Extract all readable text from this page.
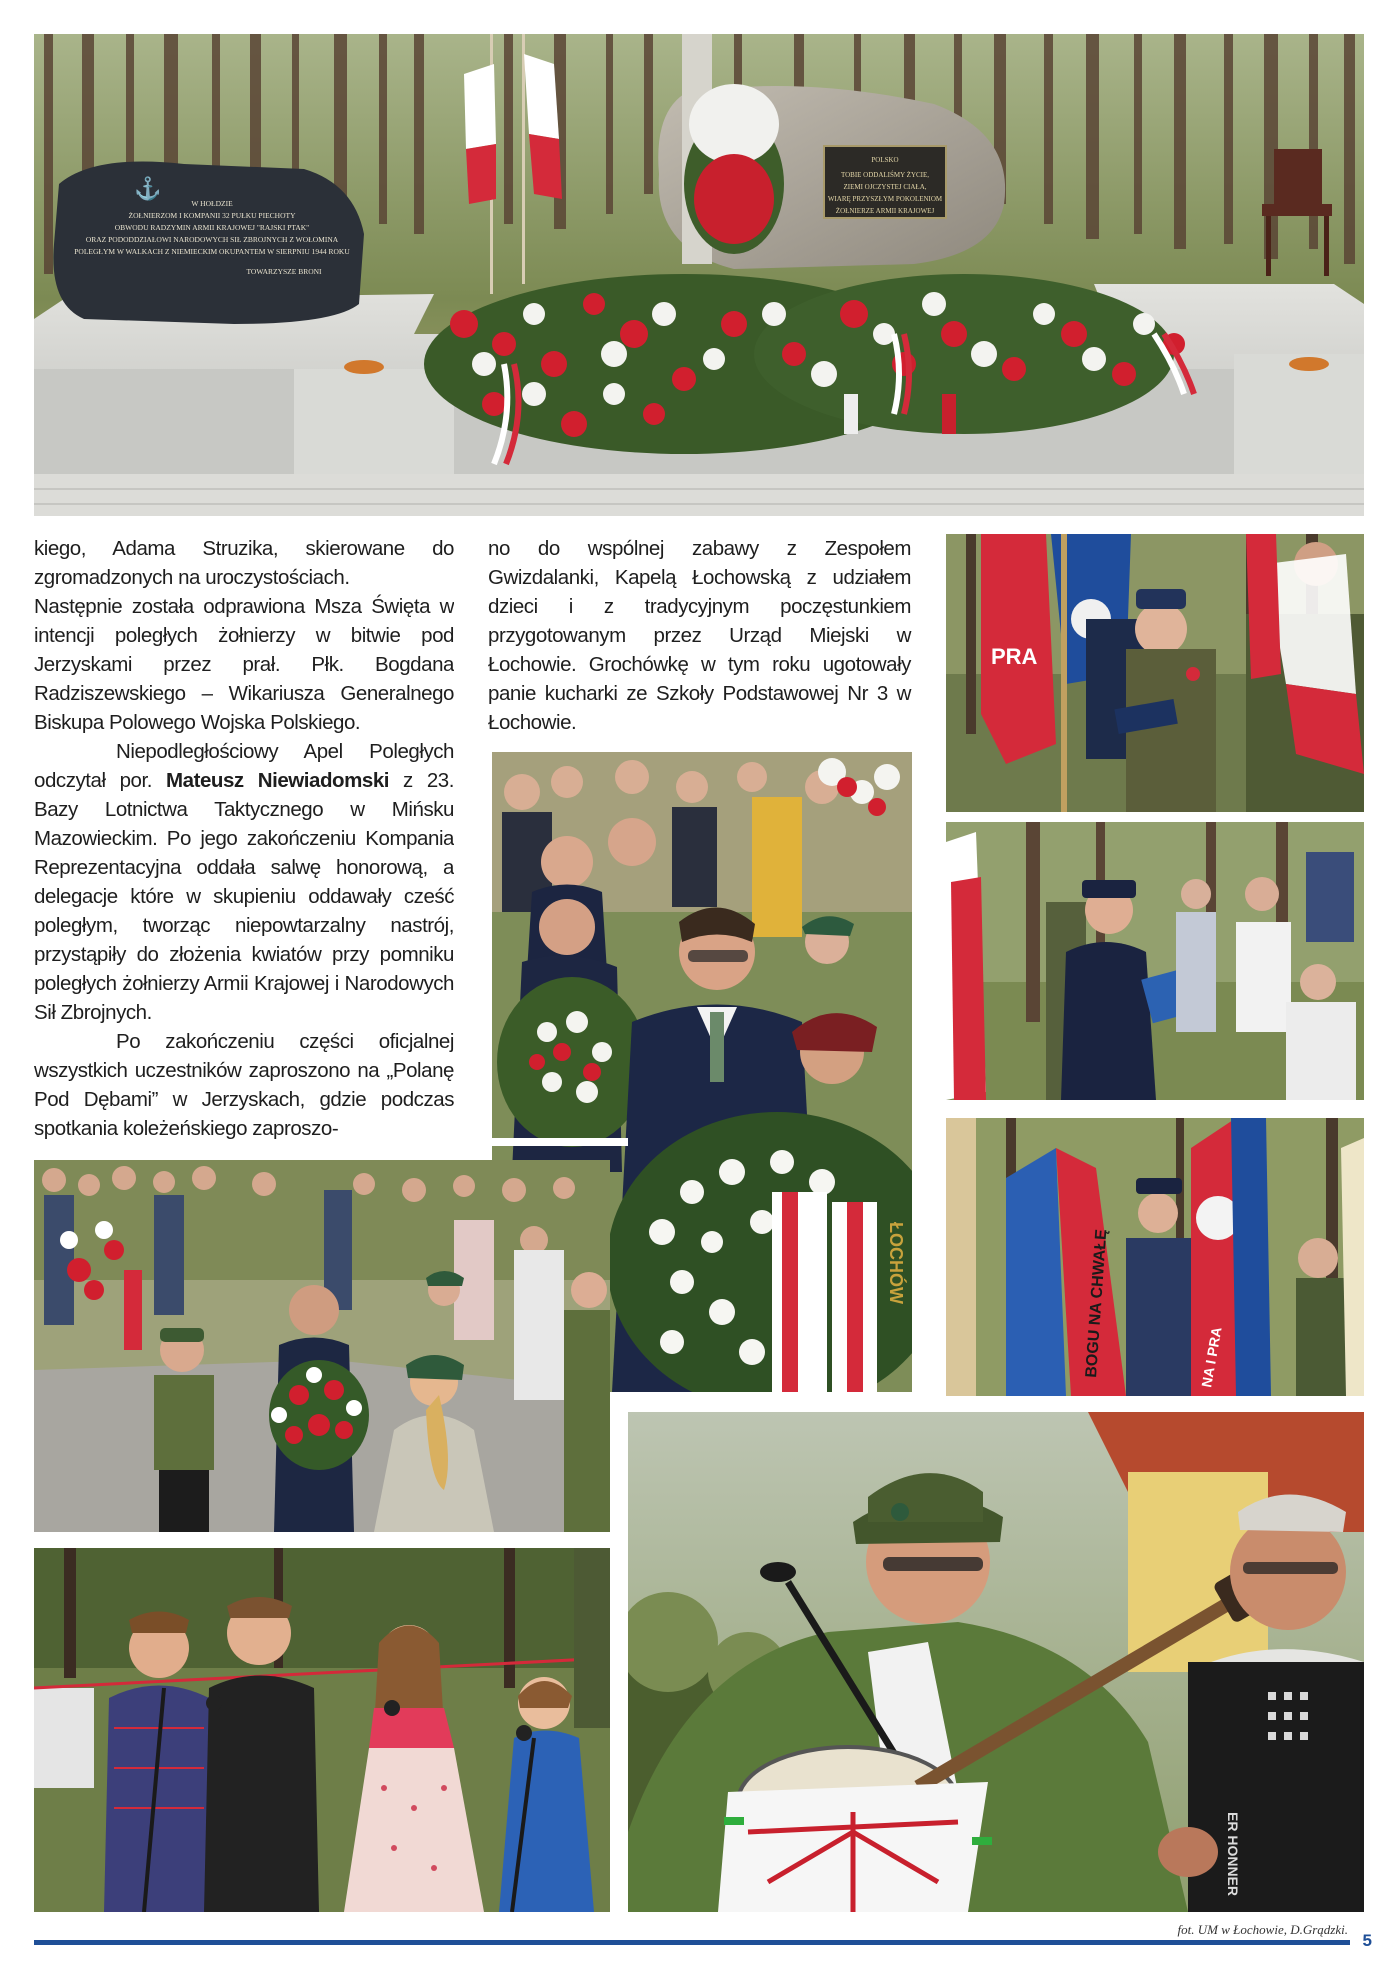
W HOŁDZIE
ŻOŁNIERZOM I KOMPANII 32 PUŁKU PIECHOTY
OBWODU RADZYMIN ARMII KRAJOWEJ "RAJSKI PTAK"
ORAZ PODODDZIAŁOWI NARODOWYCH SIŁ ZBROJNYCH Z WOŁOMINA
POLEGŁYM W WALKACH Z NIEMIECKIM OKUPANTEM W SIERPNIU 1944 ROKU
TOWARZYSZE BRONI
⚓
POLSKO
TOBIE ODDALIŚMY ŻYCIE,
ZIEMI OJCZYSTEJ CIAŁA,
WIARĘ PRZYSZŁYM POKOLENIOM
ŻOŁNIERZE ARMII KRAJOWEJ

kiego, Adama Struzika, skierowane do zgromadzonych na uroczystościach.

Następnie została odprawiona Msza Święta w intencji poległych żołnierzy w bitwie pod Jerzyskami przez prał. Płk. Bogdana Radziszewskiego – Wikariusza Generalnego Biskupa Polowego Wojska Polskiego.

Niepodległościowy Apel Poległych odczytał por. Mateusz Niewiadomski z 23. Bazy Lotnictwa Taktycznego w Mińsku Mazowieckim. Po jego zakończeniu Kompania Reprezentacyjna oddała salwę honorową, a delegacje które w skupieniu oddawały cześć poległym, tworząc niepowtarzalny nastrój, przystąpiły do złożenia kwiatów przy pomniku poległych żołnierzy Armii Krajowej i Narodowych Sił Zbrojnych.

Po zakończeniu części oficjalnej wszystkich uczestników zaproszono na „Polanę Pod Dębami” w Jerzyskach, gdzie podczas spotkania koleżeńskiego zaproszo-

no do wspólnej zabawy z Zespołem Gwizdalanki, Kapelą Łochowską z udziałem dzieci i z tradycyjnym poczęstunkiem przygotowanym przez Urząd Miejski w Łochowie. Grochówkę w tym roku ugotowały panie kucharki ze Szkoły Podstawowej Nr 3 w Łochowie.

PRA
BOGU NA CHWAŁĘ	NA I PRA
ŁOCHÓW
ER HONNER
fot. UM w Łochowie, D.Grądzki.
5
